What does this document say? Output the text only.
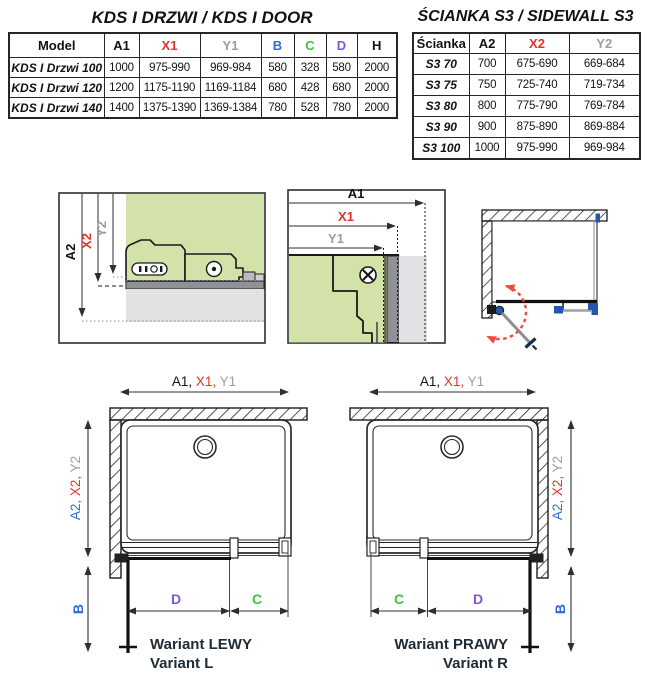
KDS I DRZWI / KDS I DOOR
Model	A1	X1	Y1	B	C	D	H
KDS I Drzwi 100	1000	975-990	969-984	580	328	580	2000
KDS I Drzwi 120	1200	1175-1190	1169-1184	680	428	680	2000
KDS I Drzwi 140	1400	1375-1390	1369-1384	780	528	780	2000
ŚCIANKA S3 / SIDEWALL S3
Ścianka	A2	X2	Y2
S3 70	700	675-690	669-684
S3 75	750	725-740	719-734
S3 80	800	775-790	769-784
S3 90	900	875-890	869-884
S3 100	1000	975-990	969-984
A2
X2
Y2
A1
X1
Y1
A1, X1, Y1
A2, X2, Y2
B
D	C
Wariant LEWY
Variant L
A1, X1, Y1
A2, X2, Y2
B
D
C
Wariant PRAWY
Variant R
